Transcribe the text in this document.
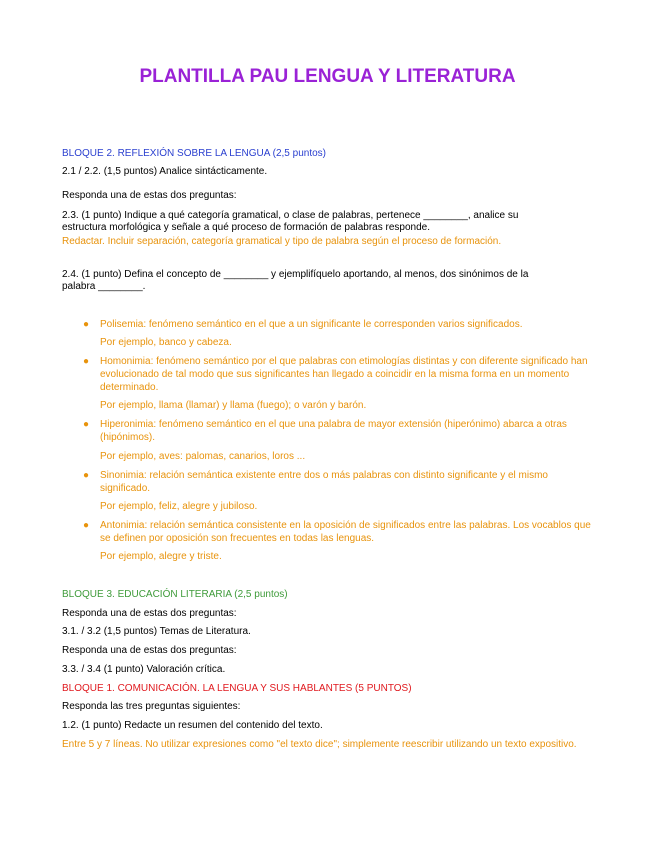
PLANTILLA PAU LENGUA Y LITERATURA
BLOQUE 2. REFLEXIÓN SOBRE LA LENGUA (2,5 puntos)
2.1 / 2.2. (1,5 puntos) Analice sintácticamente.
Responda una de estas dos preguntas:
2.3. (1 punto) Indique a qué categoría gramatical, o clase de palabras, pertenece ________, analice su
estructura morfológica y señale a qué proceso de formación de palabras responde.
Redactar. Incluir separación, categoría gramatical y tipo de palabra según el proceso de formación.
2.4. (1 punto) Defina el concepto de ________ y ejemplifíquelo aportando, al menos, dos sinónimos de la
palabra ________.
● Polisemia: fenómeno semántico en el que a un significante le corresponden varios significados.
Por ejemplo, banco y cabeza.
● Homonimia: fenómeno semántico por el que palabras con etimologías distintas y con diferente significado han evolucionado de tal modo que sus significantes han llegado a coincidir en la misma forma en un momento determinado.
Por ejemplo, llama (llamar) y llama (fuego); o varón y barón.
● Hiperonimia: fenómeno semántico en el que una palabra de mayor extensión (hiperónimo) abarca a otras (hipónimos).
Por ejemplo, aves: palomas, canarios, loros ...
● Sinonimia: relación semántica existente entre dos o más palabras con distinto significante y el mismo significado.
Por ejemplo, feliz, alegre y jubiloso.
● Antonimia: relación semántica consistente en la oposición de significados entre las palabras. Los vocablos que se definen por oposición son frecuentes en todas las lenguas.
Por ejemplo, alegre y triste.
BLOQUE 3. EDUCACIÓN LITERARIA (2,5 puntos)
Responda una de estas dos preguntas:
3.1. / 3.2 (1,5 puntos) Temas de Literatura.
Responda una de estas dos preguntas:
3.3. / 3.4 (1 punto) Valoración crítica.
BLOQUE 1. COMUNICACIÓN. LA LENGUA Y SUS HABLANTES (5 PUNTOS)
Responda las tres preguntas siguientes:
1.2. (1 punto) Redacte un resumen del contenido del texto.
Entre 5 y 7 líneas. No utilizar expresiones como "el texto dice"; simplemente reescribir utilizando un texto expositivo.
